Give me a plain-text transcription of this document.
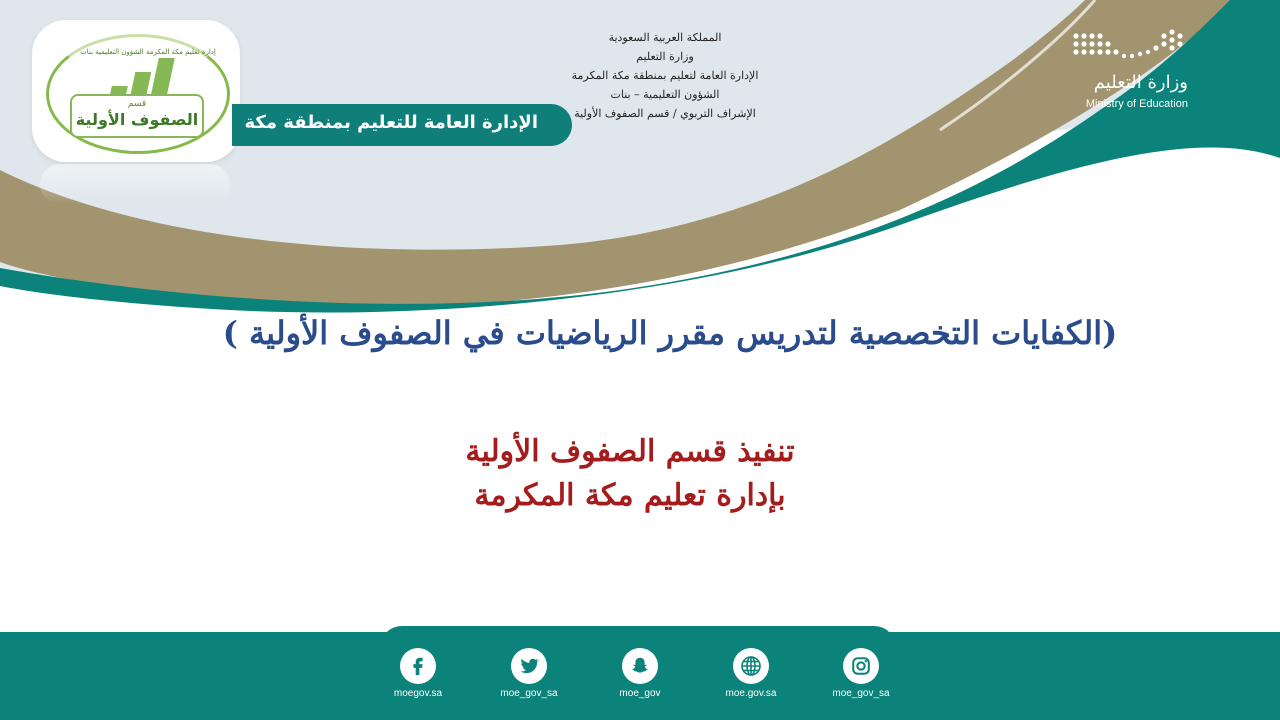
إدارة تعليم مكة المكرمة الشؤون التعليمية بنات
قسم
الصفوف الأولية	الإدارة العامة للتعليم بمنطقة مكة
المملكة العربية السعودية
وزارة التعليم
الإدارة العامة لتعليم بمنطقة مكة المكرمة
الشؤون التعليمية – بنات
الإشراف التربوي / قسم الصفوف الأولية
وزارة التعليم
Ministry of Education
(الكفايات التخصصية لتدريس مقرر الرياضيات في الصفوف الأولية )
تنفيذ قسم الصفوف الأولية
بإدارة تعليم مكة المكرمة
moegov.sa	moe_gov_sa	moe_gov	moe.gov.sa	moe_gov_sa
